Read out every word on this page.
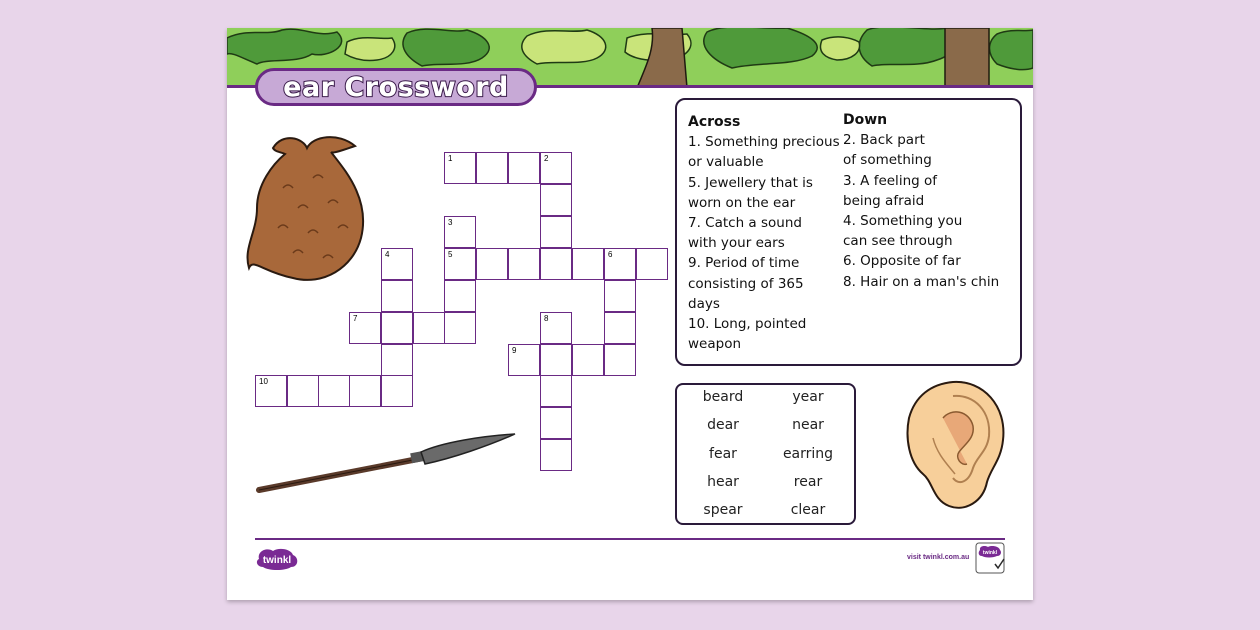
ear Crossword
1	2
3
4	5	6
7	8
9
10
Across
1. Something precious
or valuable
5. Jewellery that is
worn on the ear
7. Catch a sound
with your ears
9. Period of time
consisting of 365
days
10. Long, pointed
weapon
Down
2. Back part
of something
3. A feeling of
being afraid
4. Something you
can see through
6. Opposite of far
8. Hair on a man's chin
beard	year
dear	near
fear	earring
hear	rear
spear	clear
twinkl	visit twinkl.com.au
twinkl
